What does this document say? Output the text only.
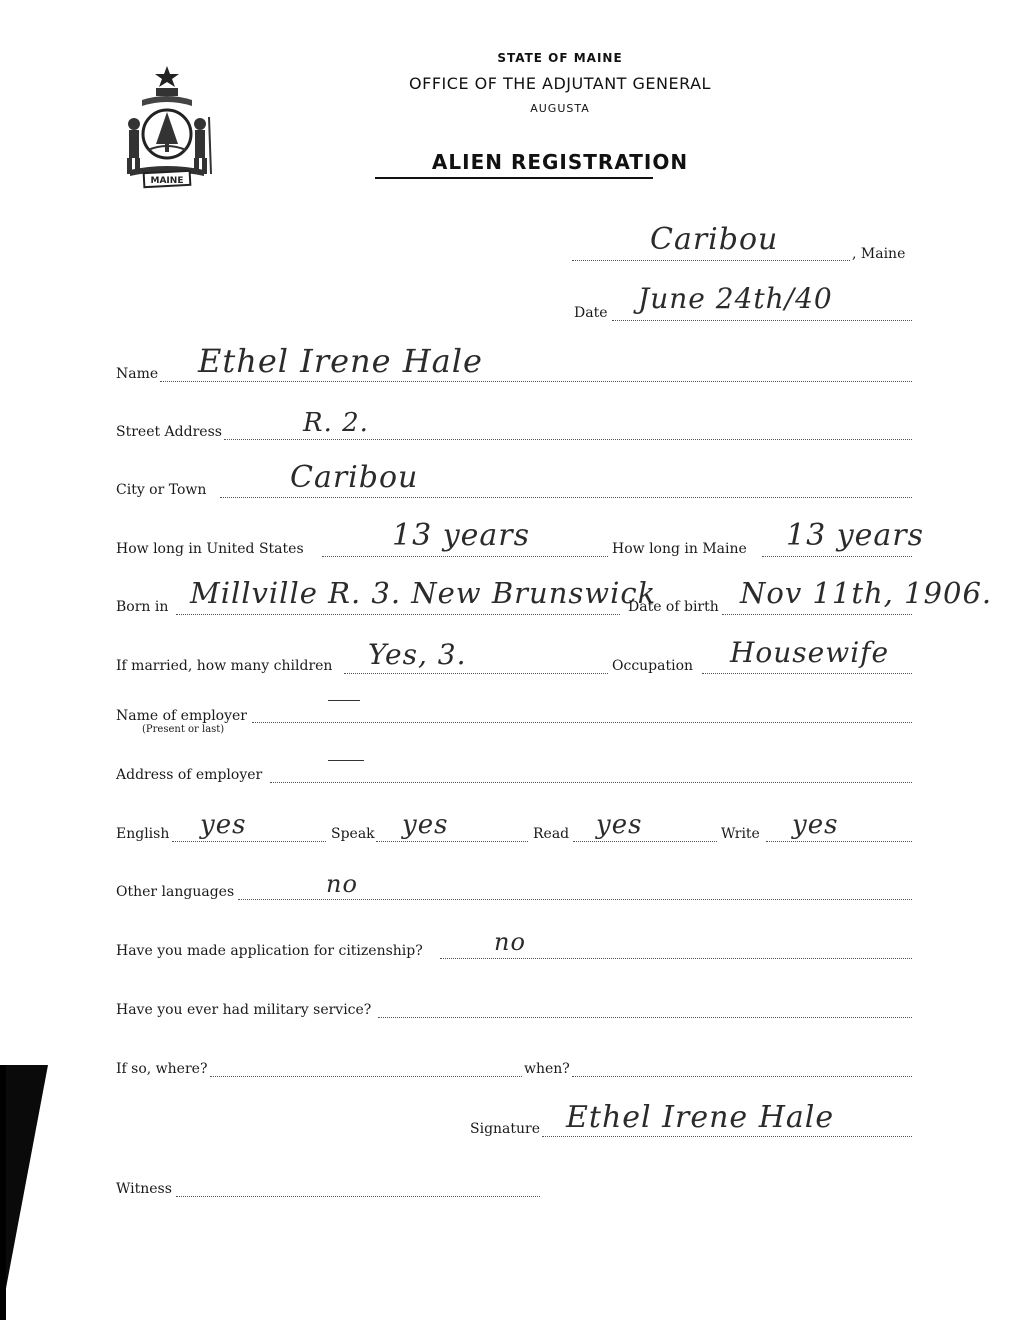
MAINE
STATE OF MAINE
OFFICE OF THE ADJUTANT GENERAL
AUGUSTA
ALIEN REGISTRATION
Caribou	, Maine
Date June 24th/40
Name Ethel Irene Hale
Street Address	R. 2.
City or Town	Caribou
How long in United States	13 years	How long in Maine 13 years
Born in Millville R. 3. New Brunswick
Date of birth Nov 11th, 1906.
If married, how many children Yes, 3.	Occupation Housewife
Name of employer
(Present or last)
Address of employer
English yes	Speak yes	Read yes	Write yes
Other languages	no
Have you made application for citizenship?	no
Have you ever had military service?
If so, where?	when?
Signature Ethel Irene Hale
Witness
